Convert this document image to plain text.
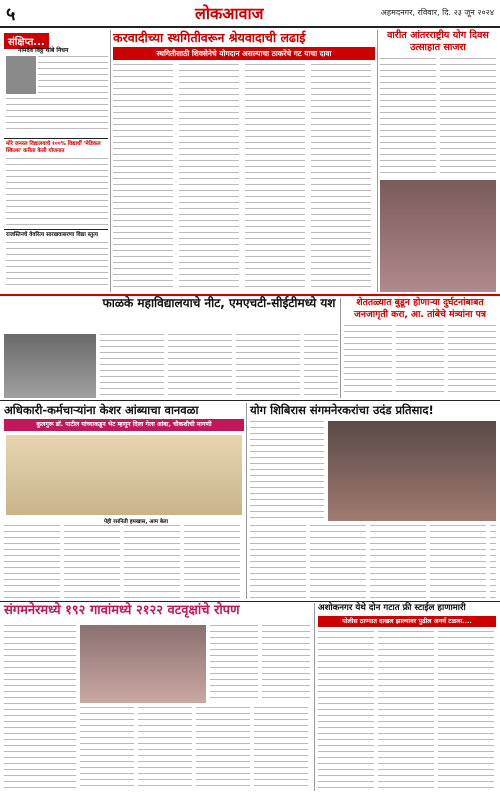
५	लोकआवाज	अहमदनगर, रविवार, दि. २३ जून २०२४
संक्षिप्त...
नामदेव विठ्ठ थांबे निधन
मोरे जनरल विद्यालयाचे १००% विद्यार्थी 'मेडिकल स्किल्स' करीता केली योजनात
राजस्तिनचे वेवरित्य सारखवासरणा विद्या स्तुत्य
करवादीच्या स्थगितीवरून श्रेयवादाची लढाई
स्थगितीसाठी शिवसेनेचे योगदान असल्याचा ठाकरेंचे गट याचा दावा
वारीत आंतरराष्ट्रीय योग दिवस उत्साहात साजरा
फाळके महाविद्यालयाचे नीट, एमएचटी-सीईटीमध्ये यश	शेततळ्यात बुडून होणाऱ्या दुर्घटनांबाबत जनजागृती करा, आ. तांबेचे मंत्र्यांना पत्र
अधिकारी-कर्मचाऱ्यांना केशर आंब्याचा वानवळा
कुलगुरू डॉ. पाटील यांच्याकडून भेट म्हणून दिला गेला आंबा, चौकशीची मागणी
पेही रसनिती हमखास, आम बेला
योग शिबिरास संगमनेरकरांचा उदंड प्रतिसाद!
संगमनेरमध्ये १९२ गावांमध्ये २१२२ वटवृक्षांचे रोपण	अशोकनगर येथे दोन गटात फ्री स्टाईल हाणामारी
पोलीस ठाण्यात दाखल झाल्यावर पुढील अनर्थ टळला....
